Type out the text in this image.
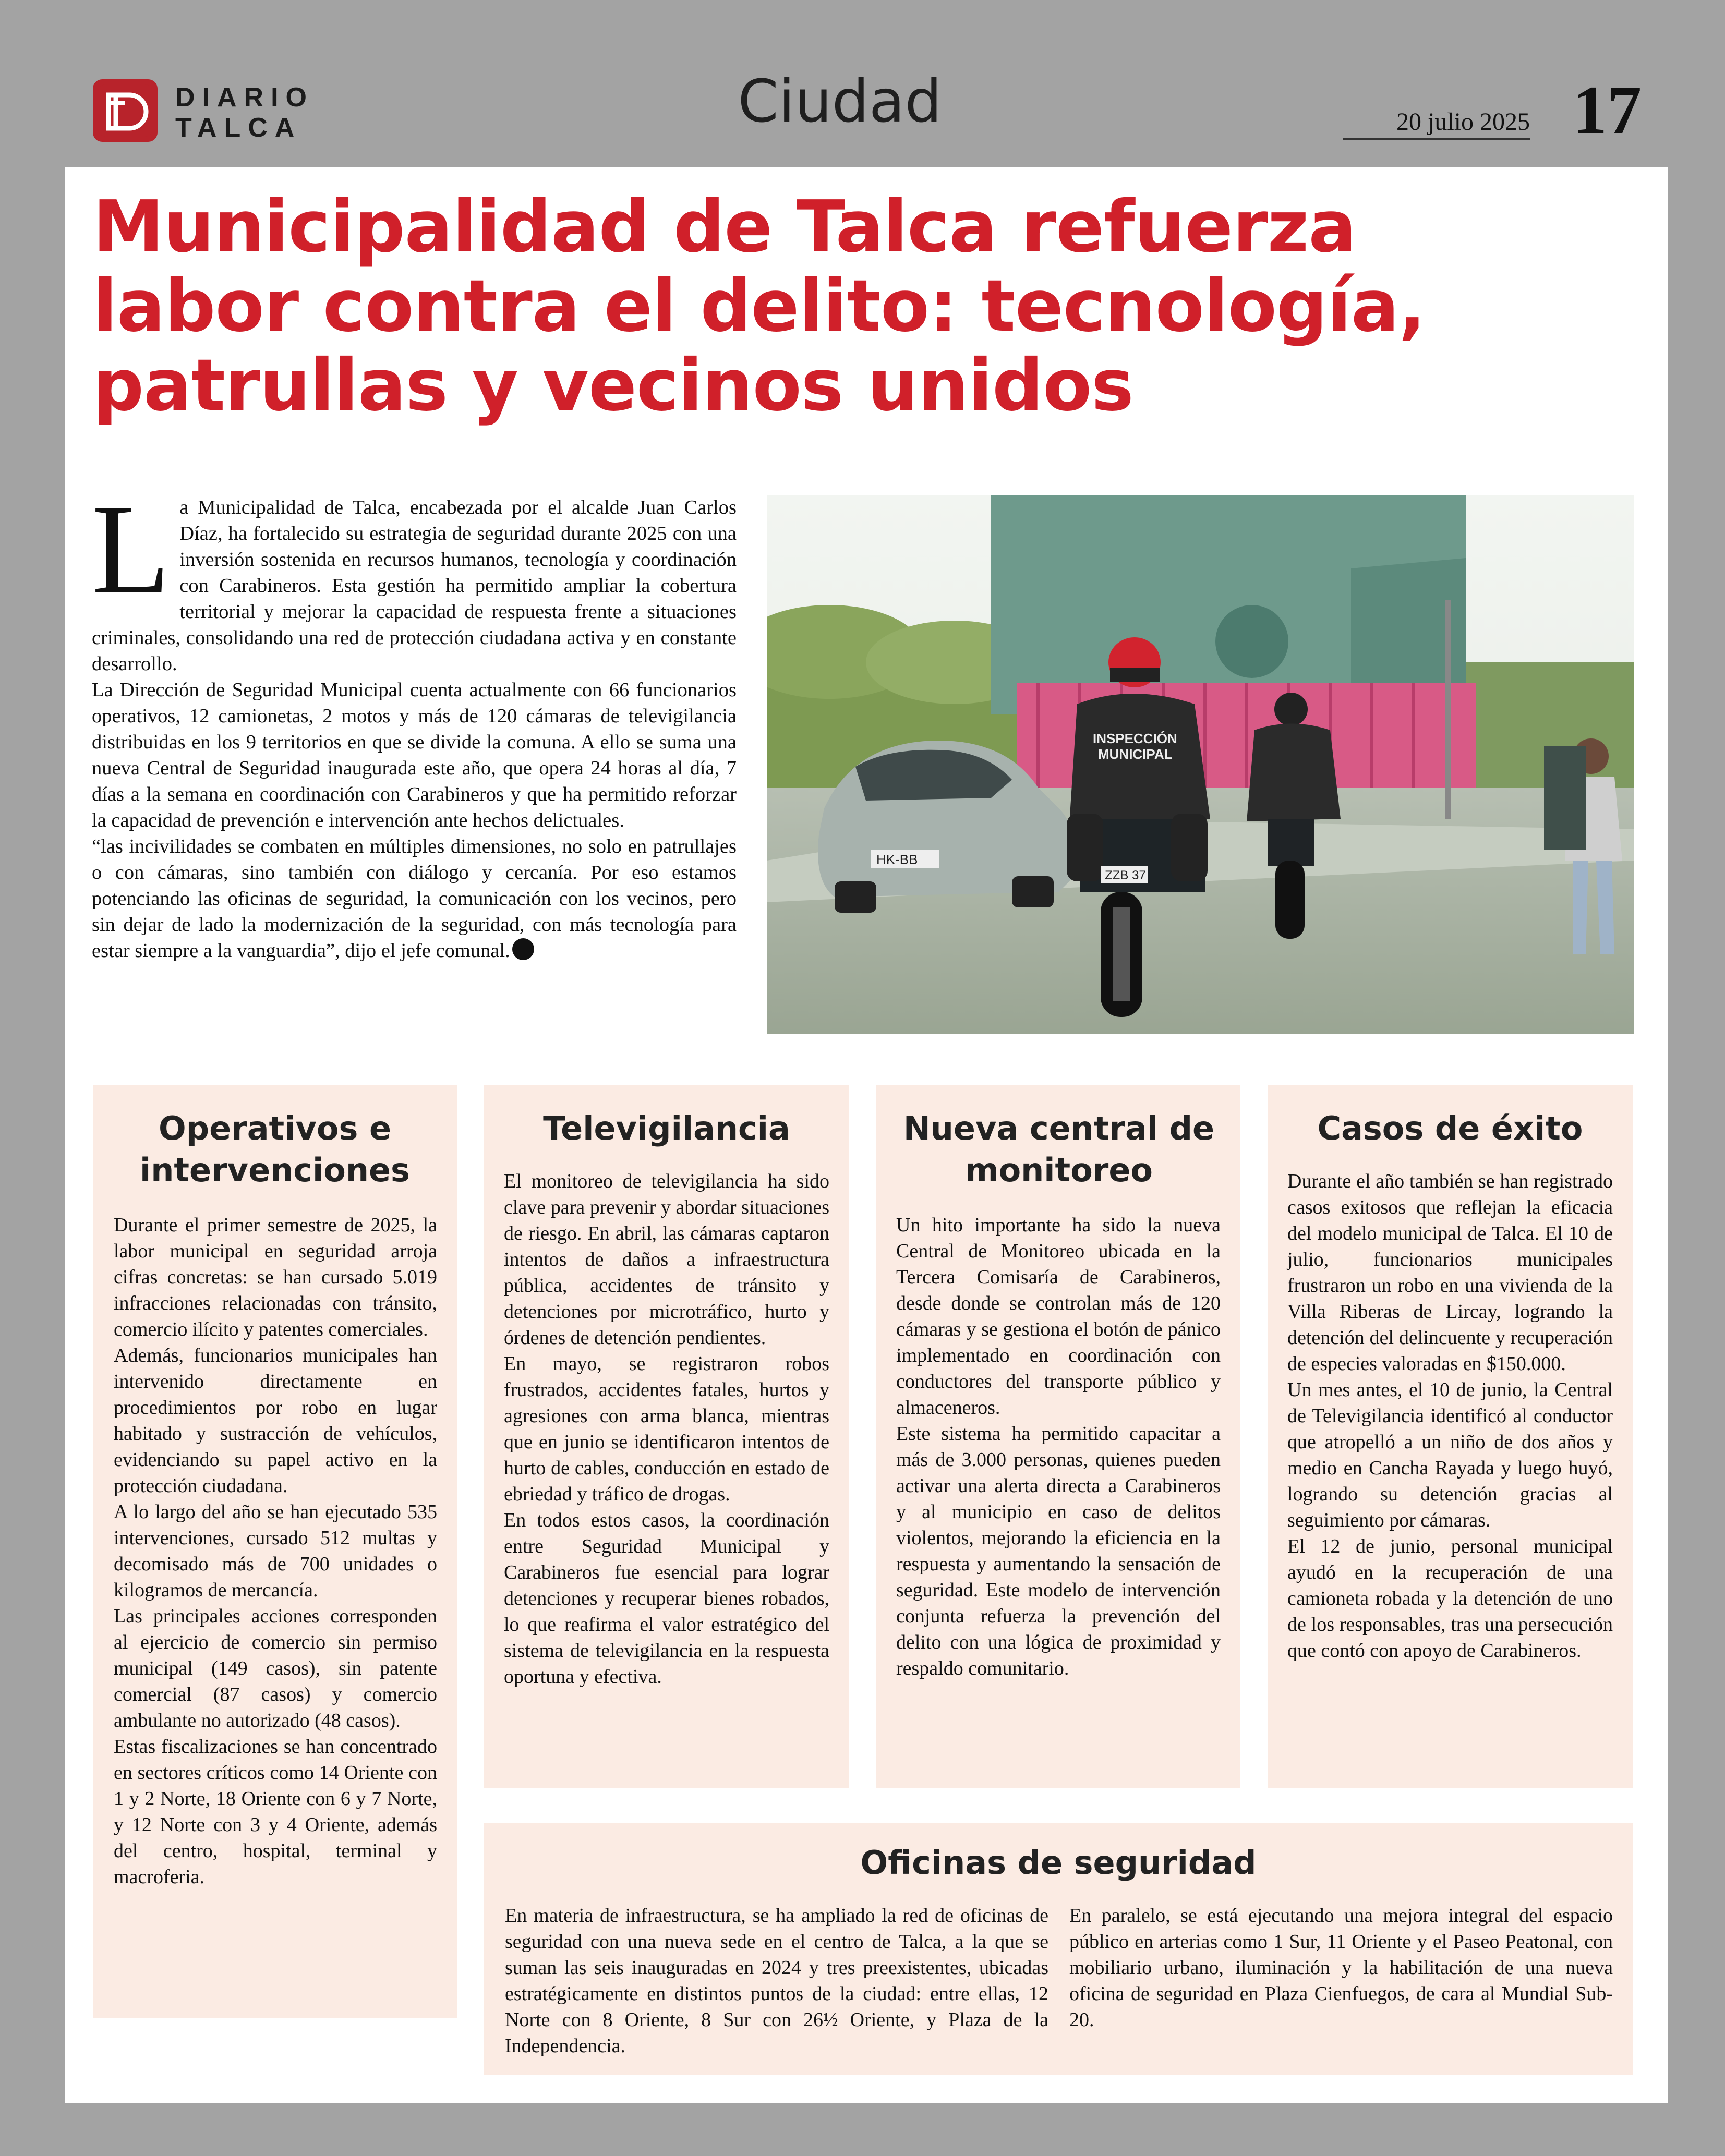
DIARIO
TALCA	Ciudad	20 julio 2025 17
Municipalidad de Talca refuerza
labor contra el delito: tecnología,
patrullas y vecinos unidos
L a Municipalidad de Talca, encabezada por el alcalde Juan Carlos Díaz, ha fortalecido su estrategia de seguridad durante 2025 con una inversión sostenida en recursos humanos, tecnología y coordinación con Carabineros. Esta gestión ha permitido ampliar la cobertura territorial y mejorar la capacidad de respuesta frente a situaciones criminales, consolidando una red de protección ciudadana activa y en constante desarrollo.

La Dirección de Seguridad Municipal cuenta actualmente con 66 funcionarios operativos, 12 camionetas, 2 motos y más de 120 cámaras de televigilancia distribuidas en los 9 territorios en que se divide la comuna. A ello se suma una nueva Central de Seguridad inaugurada este año, que opera 24 horas al día, 7 días a la semana en coordinación con Carabineros y que ha permitido reforzar la capacidad de prevención e intervención ante hechos delictuales.

“las incivilidades se combaten en múltiples dimensiones, no solo en patrullajes o con cámaras, sino también con diálogo y cercanía. Por eso estamos potenciando las oficinas de seguridad, la comunicación con los vecinos, pero sin dejar de lado la modernización de la seguridad, con más tecnología para estar siempre a la vanguardia”, dijo el jefe comunal.

HK-BB
INSPECCIÓN
MUNICIPAL
ZZB 37
Operativos e intervenciones

Durante el primer semestre de 2025, la labor municipal en seguridad arroja cifras concretas: se han cursado 5.019 infracciones relacionadas con tránsito, comercio ilícito y patentes comerciales.

Además, funcionarios municipales han intervenido directamente en procedimientos por robo en lugar habitado y sustracción de vehículos, evidenciando su papel activo en la protección ciudadana.

A lo largo del año se han ejecutado 535 intervenciones, cursado 512 multas y decomisado más de 700 unidades o kilogramos de mercancía.

Las principales acciones corresponden al ejercicio de comercio sin permiso municipal (149 casos), sin patente comercial (87 casos) y comercio ambulante no autorizado (48 casos).

Estas fiscalizaciones se han concentrado en sectores críticos como 14 Oriente con 1 y 2 Norte, 18 Oriente con 6 y 7 Norte, y 12 Norte con 3 y 4 Oriente, además del centro, hospital, terminal y macroferia.

Televigilancia

El monitoreo de televigilancia ha sido clave para prevenir y abordar situaciones de riesgo. En abril, las cámaras captaron intentos de daños a infraestructura pública, accidentes de tránsito y detenciones por microtráfico, hurto y órdenes de detención pendientes.

En mayo, se registraron robos frustrados, accidentes fatales, hurtos y agresiones con arma blanca, mientras que en junio se identificaron intentos de hurto de cables, conducción en estado de ebriedad y tráfico de drogas.

En todos estos casos, la coordinación entre Seguridad Municipal y Carabineros fue esencial para lograr detenciones y recuperar bienes robados, lo que reafirma el valor estratégico del sistema de televigilancia en la respuesta oportuna y efectiva.

Nueva central de monitoreo

Un hito importante ha sido la nueva Central de Monitoreo ubicada en la Tercera Comisaría de Carabineros, desde donde se controlan más de 120 cámaras y se gestiona el botón de pánico implementado en coordinación con conductores del transporte público y almaceneros.

Este sistema ha permitido capacitar a más de 3.000 personas, quienes pueden activar una alerta directa a Carabineros y al municipio en caso de delitos violentos, mejorando la eficiencia en la respuesta y aumentando la sensación de seguridad. Este modelo de intervención conjunta refuerza la prevención del delito con una lógica de proximidad y respaldo comunitario.

Casos de éxito

Durante el año también se han registrado casos exitosos que reflejan la eficacia del modelo municipal de Talca. El 10 de julio, funcionarios municipales frustraron un robo en una vivienda de la Villa Riberas de Lircay, logrando la detención del delincuente y recuperación de especies valoradas en $150.000.

Un mes antes, el 10 de junio, la Central de Televigilancia identificó al conductor que atropelló a un niño de dos años y medio en Cancha Rayada y luego huyó, logrando su detención gracias al seguimiento por cámaras.

El 12 de junio, personal municipal ayudó en la recuperación de una camioneta robada y la detención de uno de los responsables, tras una persecución que contó con apoyo de Carabineros.

Oficinas de seguridad

En materia de infraestructura, se ha ampliado la red de oficinas de seguridad con una nueva sede en el centro de Talca, a la que se suman las seis inauguradas en 2024 y tres preexistentes, ubicadas estratégicamente en distintos puntos de la ciudad: entre ellas, 12 Norte con 8 Oriente, 8 Sur con 26½ Oriente, y Plaza de la Independencia.

En paralelo, se está ejecutando una mejora integral del espacio público en arterias como 1 Sur, 11 Oriente y el Paseo Peatonal, con mobiliario urbano, iluminación y la habilitación de una nueva oficina de seguridad en Plaza Cienfuegos, de cara al Mundial Sub-20.
